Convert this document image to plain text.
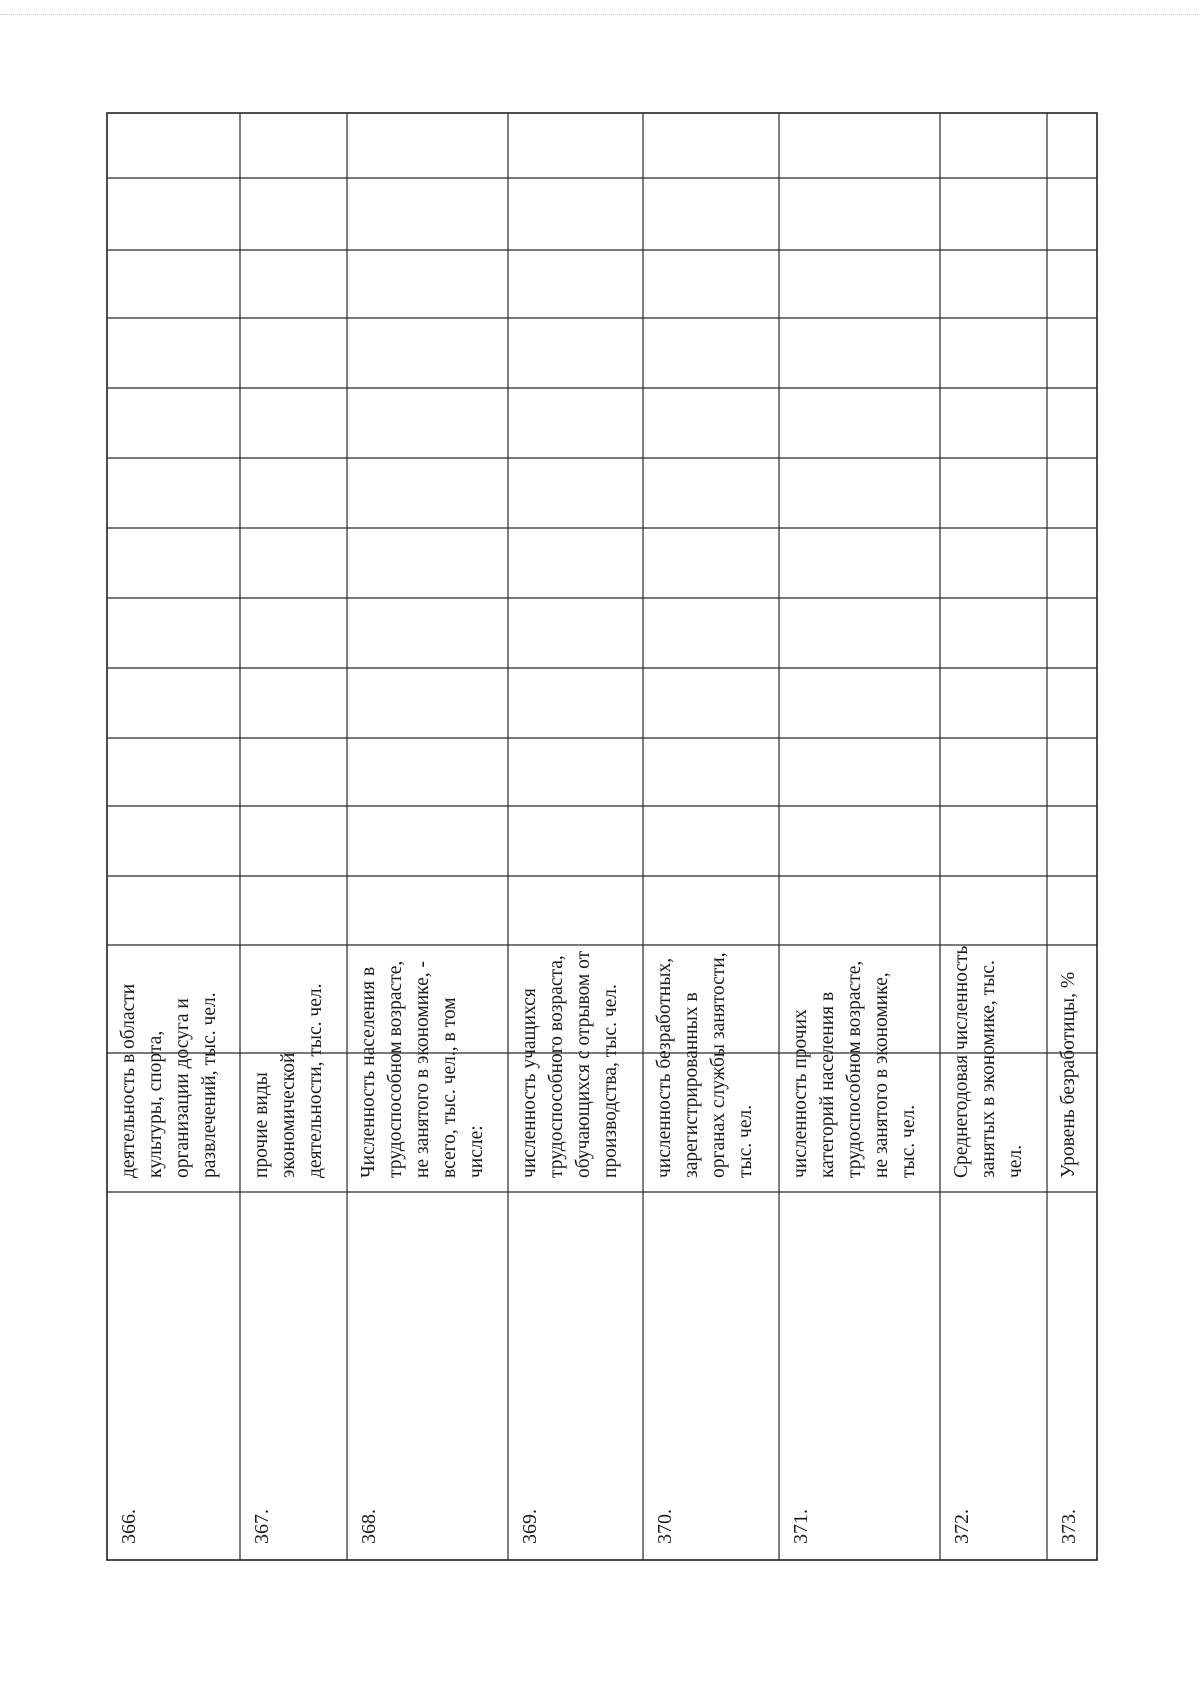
366.
деятельность в области культуры, спорта, организации досуга и развлечений, тыс. чел.
367.
прочие виды экономической деятельности, тыс. чел.
368.
Численность населения в трудоспособном возрасте, не занятого в экономике, - всего, тыс. чел., в том числе:
369.
численность учащихся трудоспособного возраста, обучающихся с отрывом от производства, тыс. чел.
370.
численность безработных, зарегистрированных в органах службы занятости, тыс. чел.
371.
численность прочих категорий населения в трудоспособном возрасте, не занятого в экономике, тыс. чел.
372.
Среднегодовая численность занятых в экономике, тыс. чел.
373.
Уровень безработицы, %
